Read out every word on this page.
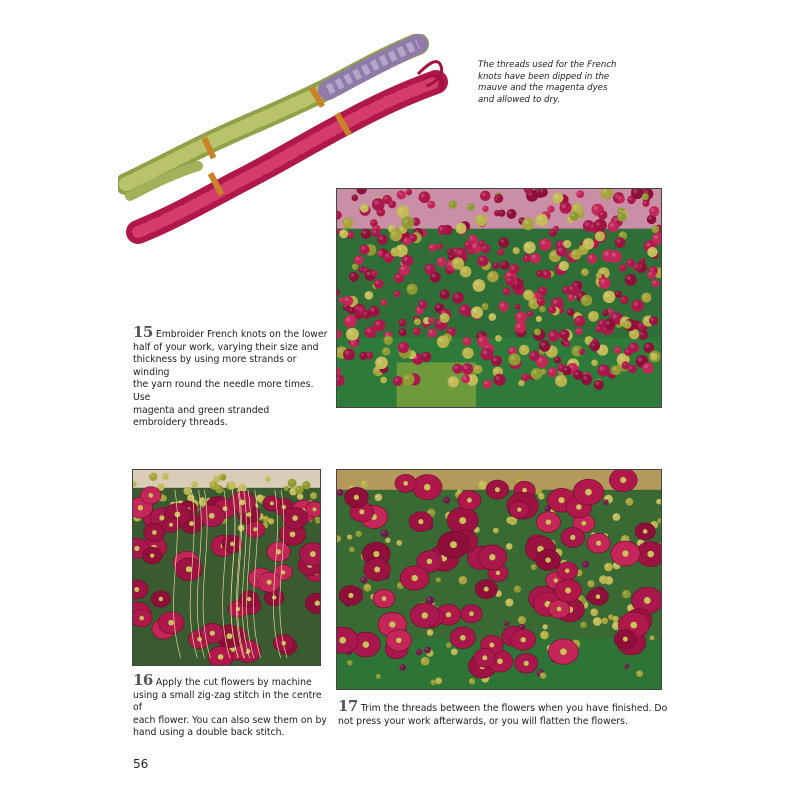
The threads used for the French
knots have been dipped in the
mauve and the magenta dyes
and allowed to dry.
15 Embroider French knots on the lower
half of your work, varying their size and
thickness by using more strands or winding
the yarn round the needle more times. Use
magenta and green stranded
embroidery threads.
16 Apply the cut flowers by machine
using a small zig-zag stitch in the centre of
each flower. You can also sew them on by
hand using a double back stitch.
17 Trim the threads between the flowers when you have finished. Do
not press your work afterwards, or you will flatten the flowers.
56
